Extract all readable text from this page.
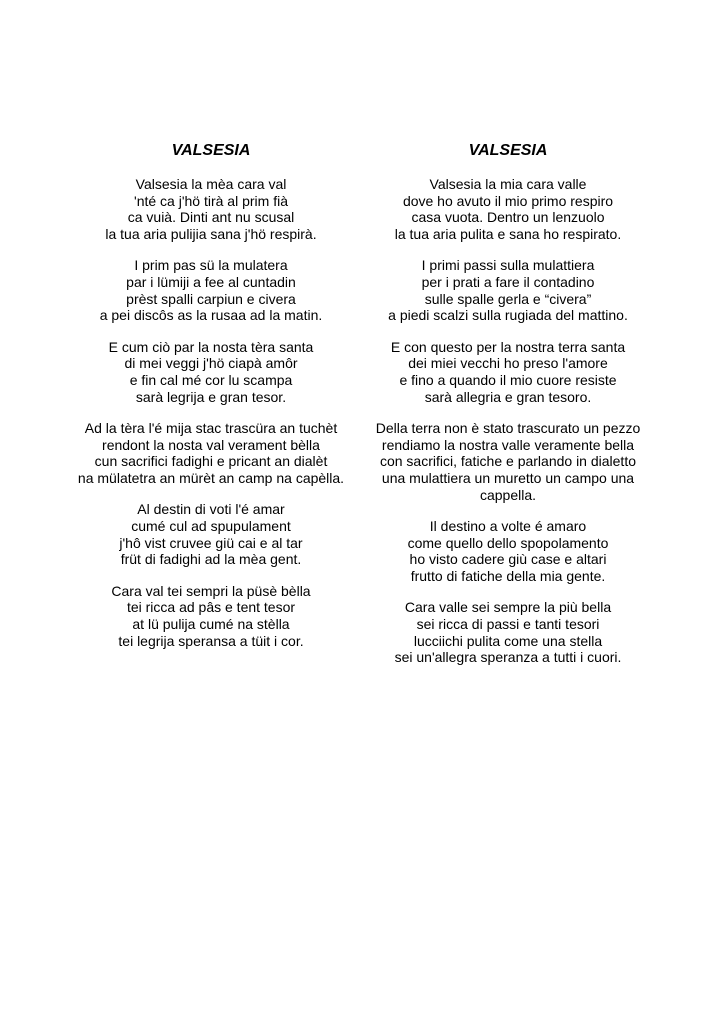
VALSESIA
Valsesia la mèa cara val
'nté ca j'hö tirà al prim fià
ca vuià. Dinti ant nu scusal
la tua aria pulijia sana j'hö respirà.
I prim pas sü la mulatera
par i lümiji a fee al cuntadin
prèst spalli carpiun e civera
a pei discôs as la rusaa ad la matin.
E cum ciò par la nosta tèra santa
di mei veggi j'hö ciapà amôr
e fin cal mé cor lu scampa
sarà legrija e gran tesor.
Ad la tèra l'é mija stac trascüra an tuchèt
rendont la nosta val verament bèlla
cun sacrifici fadighi e pricant an dialèt
na mülatetra an mürèt an camp na capèlla.
Al destin di voti l'é amar
cumé cul ad spupulament
j'hô vist cruvee giü cai e al tar
früt di fadighi ad la mèa gent.
Cara val tei sempri la püsè bèlla
tei ricca ad pâs e tent tesor
at lü pulija cumé na stèlla
tei legrija speransa a tüit i cor.
VALSESIA
Valsesia la mia cara valle
dove ho avuto il mio primo respiro
casa vuota. Dentro un lenzuolo
la tua aria pulita e sana ho respirato.
I primi passi sulla mulattiera
per i prati a fare il contadino
sulle spalle gerla e “civera”
a piedi scalzi sulla rugiada del mattino.
E con questo per la nostra terra santa
dei miei vecchi ho preso l'amore
e fino a quando il mio cuore resiste
sarà allegria e gran tesoro.
Della terra non è stato trascurato un pezzo
rendiamo la nostra valle veramente bella
con sacrifici, fatiche e parlando in dialetto
una mulattiera un muretto un campo una cappella.
Il destino a volte é amaro
come quello dello spopolamento
ho visto cadere giù case e altari
frutto di fatiche della mia gente.
Cara valle sei sempre la più bella
sei ricca di passi e tanti tesori
lucciichi pulita come una stella
sei un'allegra speranza a tutti i cuori.
